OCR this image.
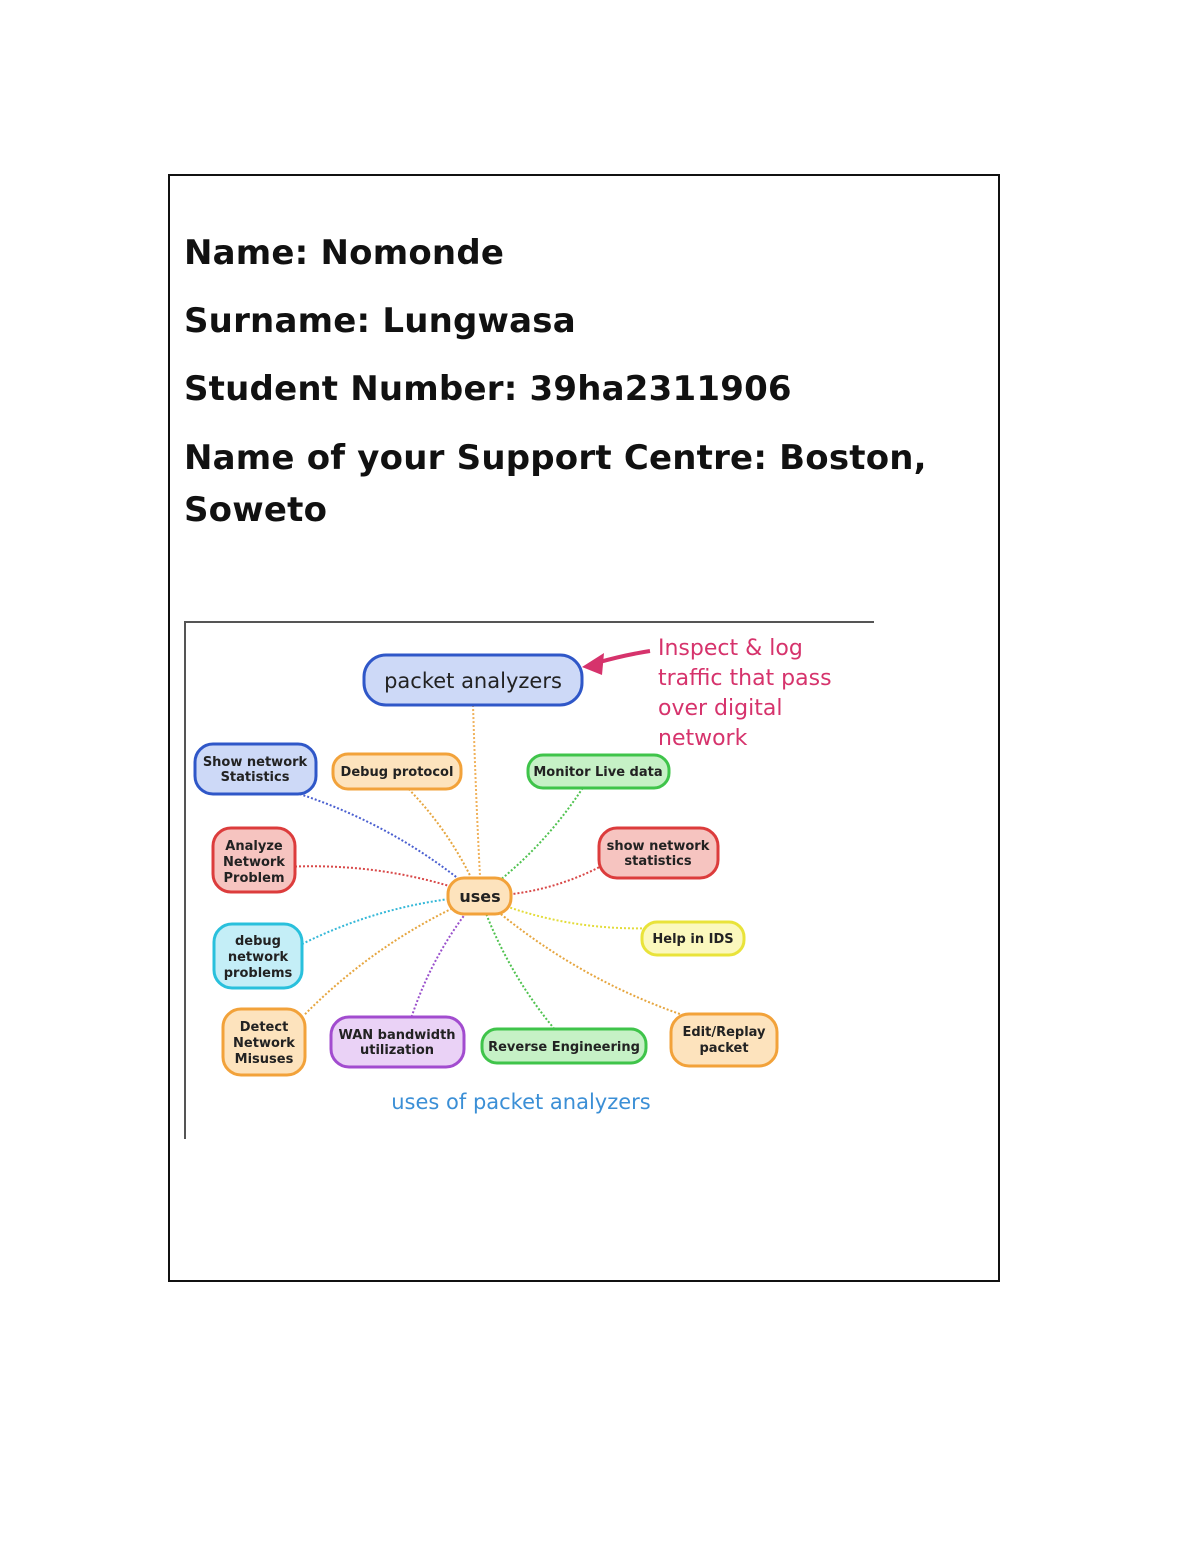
Name: Nomonde
Surname: Lungwasa
Student Number: 39ha2311906
Name of your Support Centre: Boston,
Soweto
packet analyzers
Inspect & log
traffic that pass
over digital
network
Show network
Statistics	Debug protocol	Monitor Live data
Analyze
Network
Problem
show network
statistics
uses
debug
network
problems
Help in IDS
Detect
Network
Misuses
WAN bandwidth
utilization	Reverse Engineering
Edit/Replay
packet
uses of packet analyzers
